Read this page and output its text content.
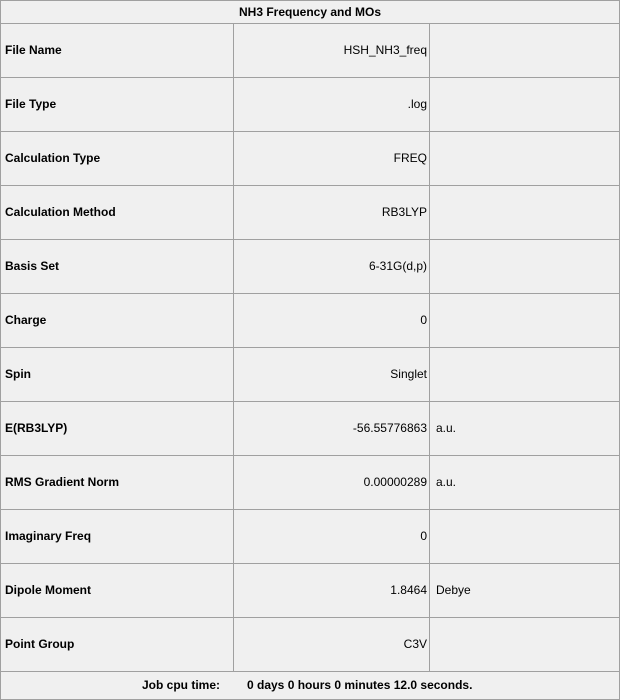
NH3 Frequency and MOs
File Name	HSH_NH3_freq
File Type	.log
Calculation Type	FREQ
Calculation Method	RB3LYP
Basis Set	6-31G(d,p)
Charge	0
Spin	Singlet
E(RB3LYP)	-56.55776863 a.u.
RMS Gradient Norm	0.00000289 a.u.
Imaginary Freq	0
Dipole Moment	1.8464 Debye
Point Group	C3V
Job cpu time: 0 days 0 hours 0 minutes 12.0 seconds.
